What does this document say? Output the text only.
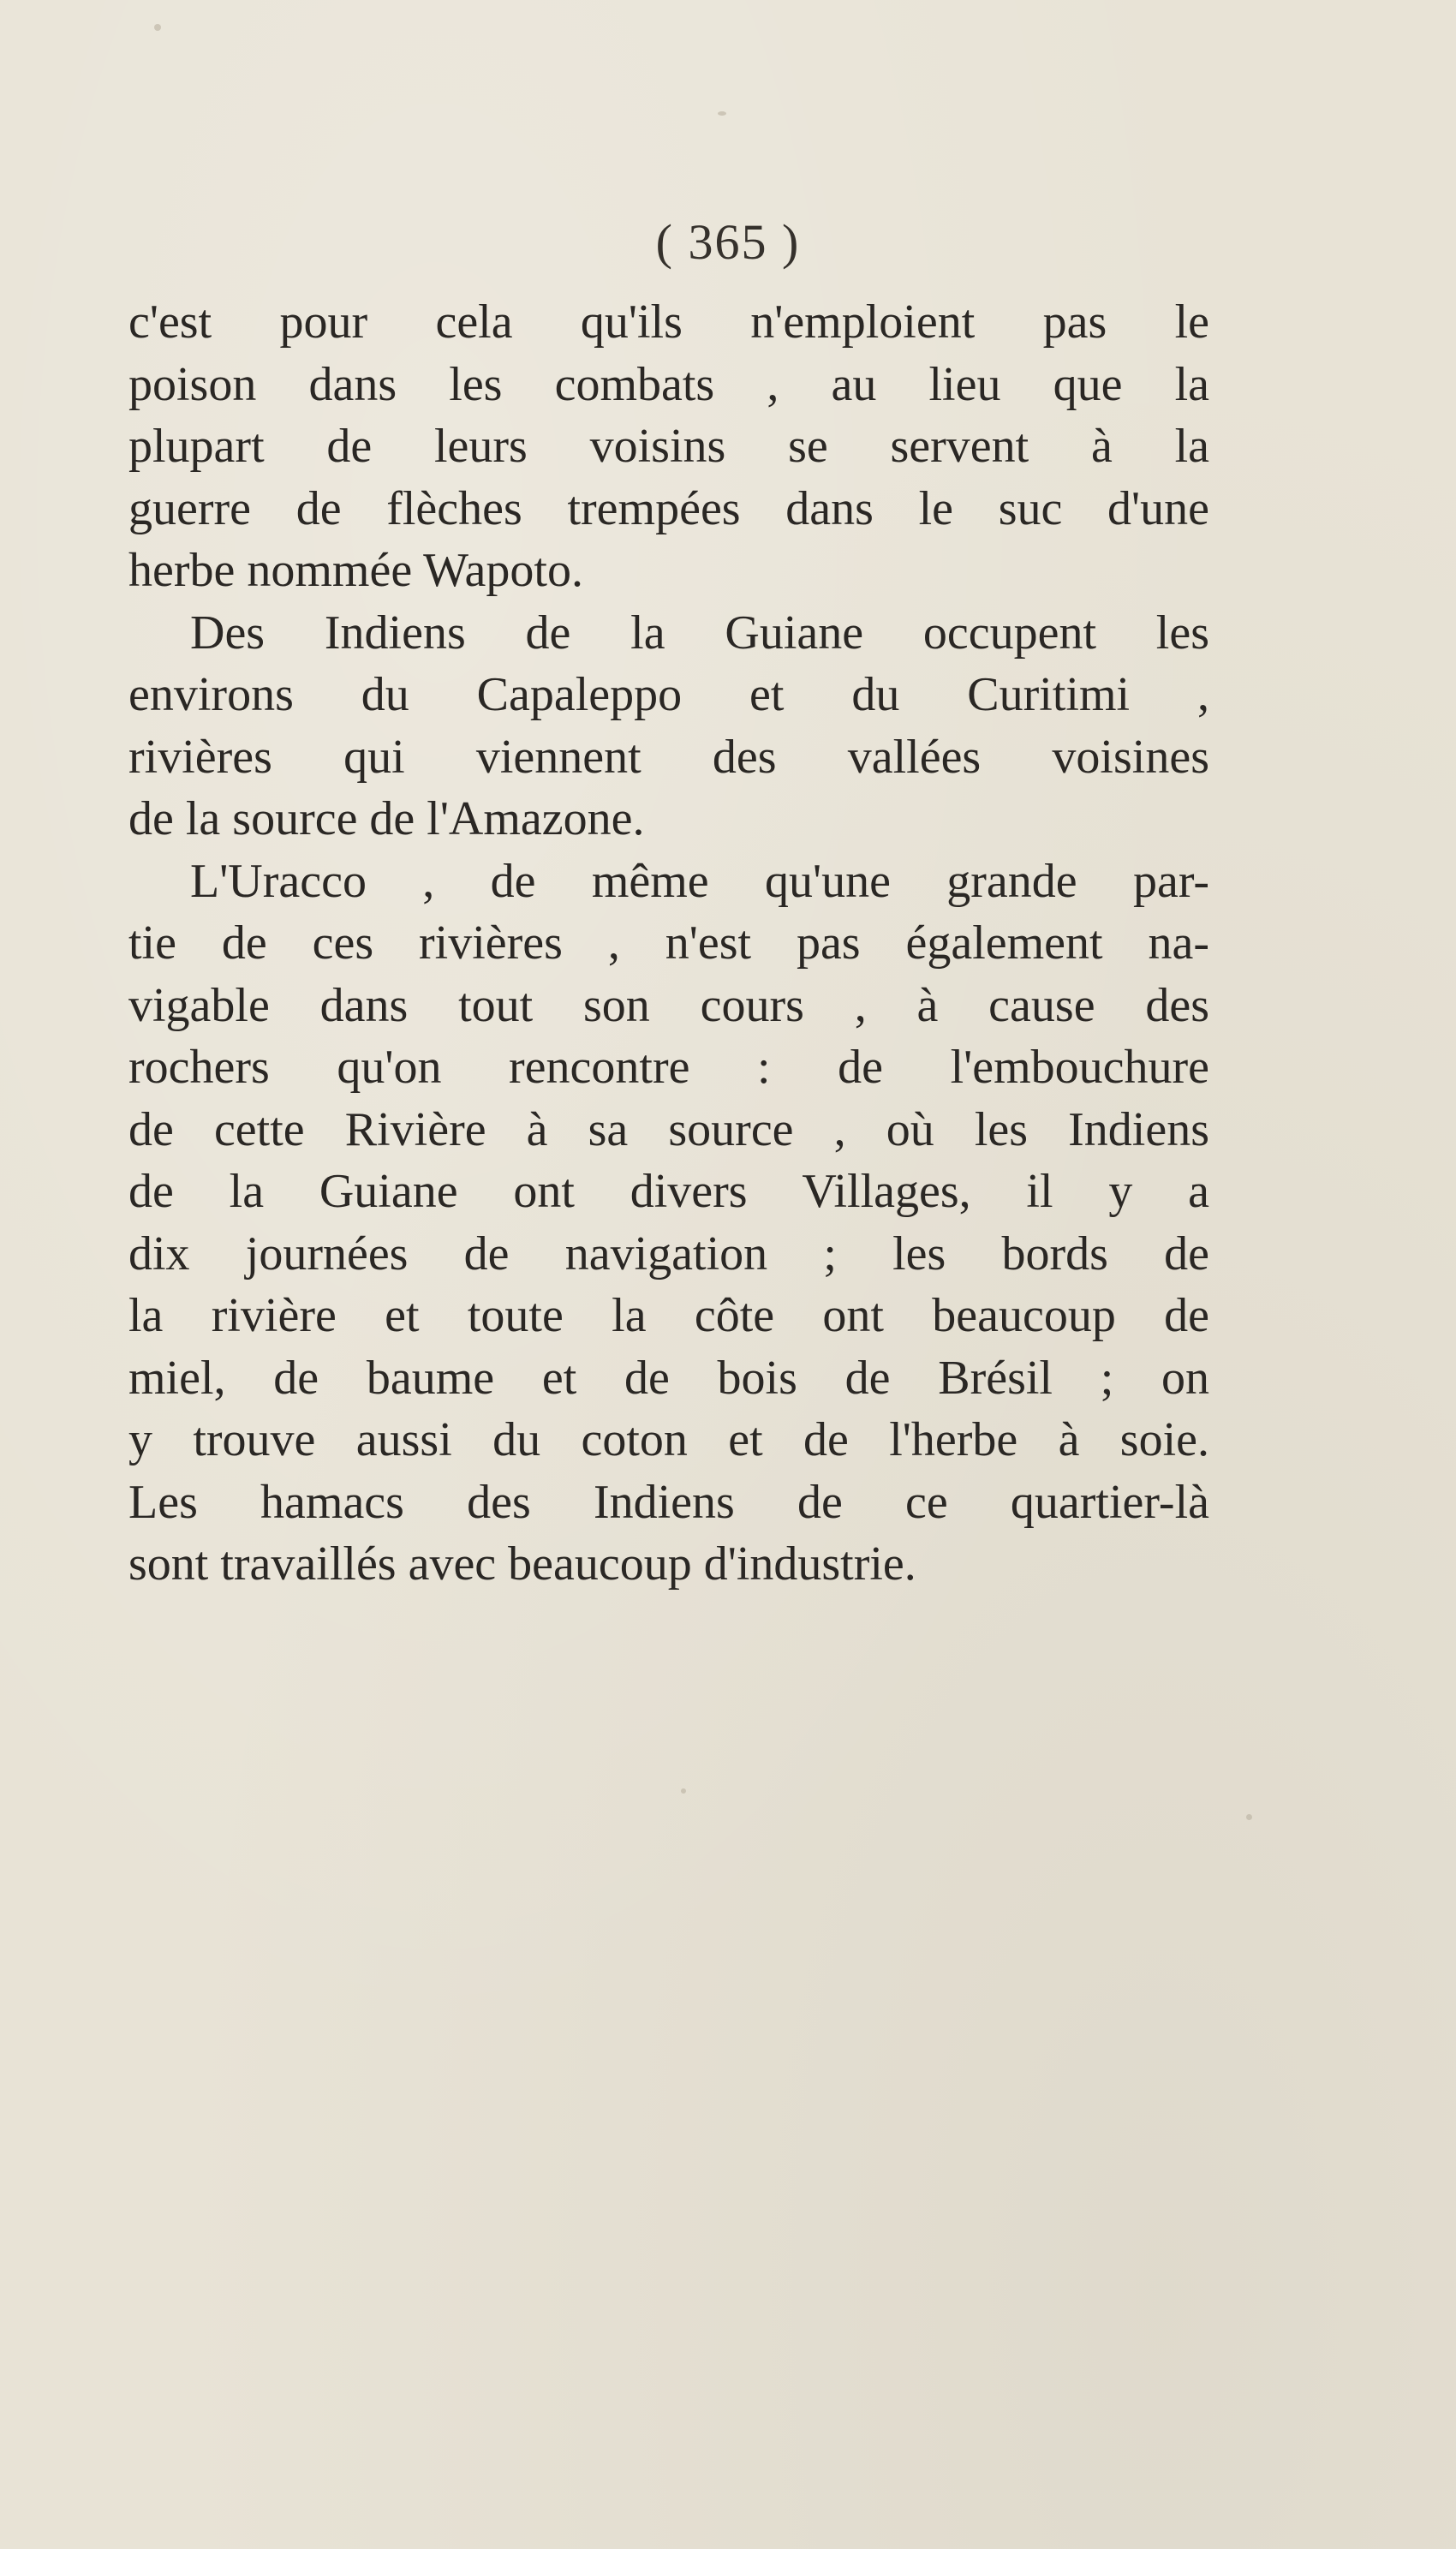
( 365 )

c'est pour cela qu'ils n'emploient pas le
poison dans les combats , au lieu que la
plupart de leurs voisins se servent à la
guerre de flèches trempées dans le suc d'une
herbe nommée Wapoto.

Des Indiens de la Guiane occupent les
environs du Capaleppo et du Curitimi ,
rivières qui viennent des vallées voisines
de la source de l'Amazone.

L'Uracco , de même qu'une grande par-
tie de ces rivières , n'est pas également na-
vigable dans tout son cours , à cause des
rochers qu'on rencontre : de l'embouchure
de cette Rivière à sa source , où les Indiens
de la Guiane ont divers Villages, il y a
dix journées de navigation ; les bords de
la rivière et toute la côte ont beaucoup de
miel, de baume et de bois de Brésil ; on
y trouve aussi du coton et de l'herbe à soie.
Les hamacs des Indiens de ce quartier-là
sont travaillés avec beaucoup d'industrie.
